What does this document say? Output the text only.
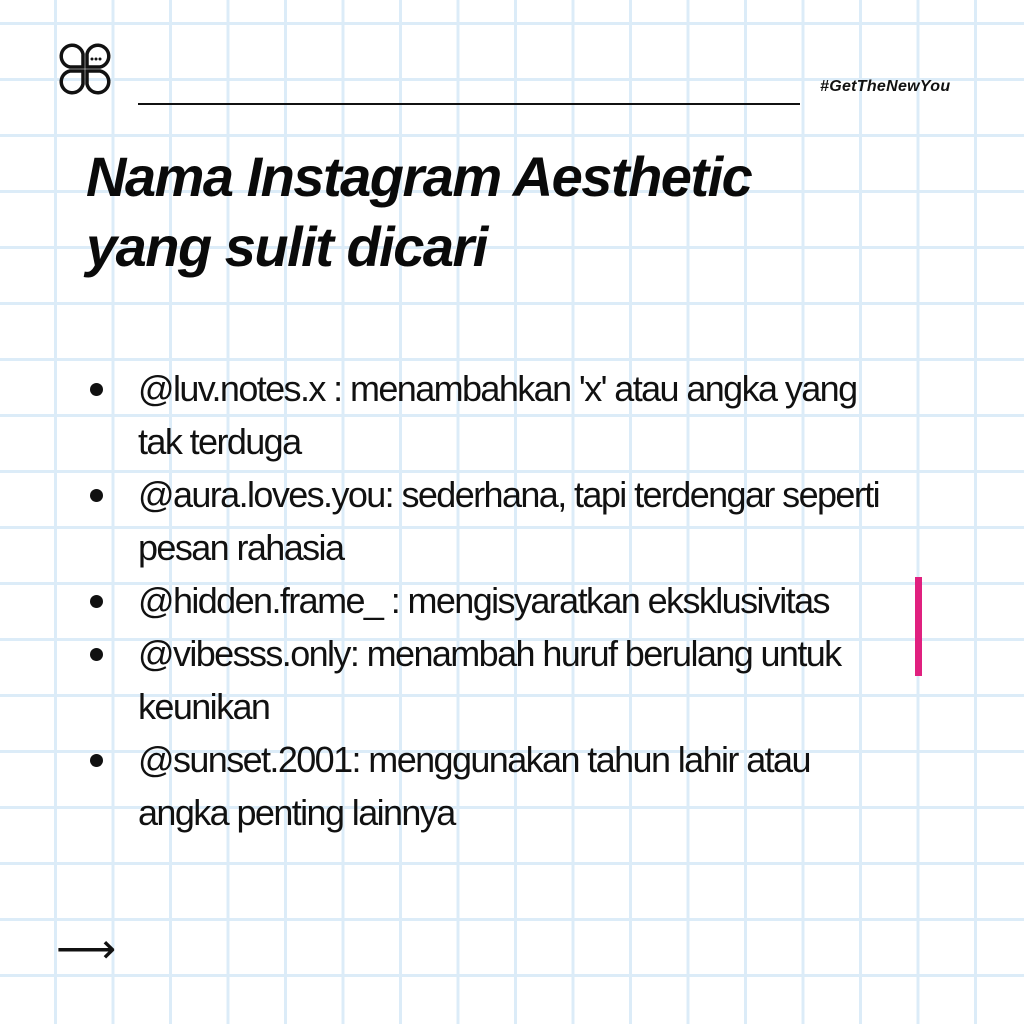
#GetTheNewYou
Nama Instagram Aesthetic
yang sulit dicari
@luv.notes.x : menambahkan 'x' atau angka yang tak terduga
@aura.loves.you: sederhana, tapi terdengar seperti pesan rahasia
@hidden.frame_ : mengisyaratkan eksklusivitas
@vibesss.only: menambah huruf berulang untuk keunikan
@sunset.2001: menggunakan tahun lahir atau angka penting lainnya
⟶
